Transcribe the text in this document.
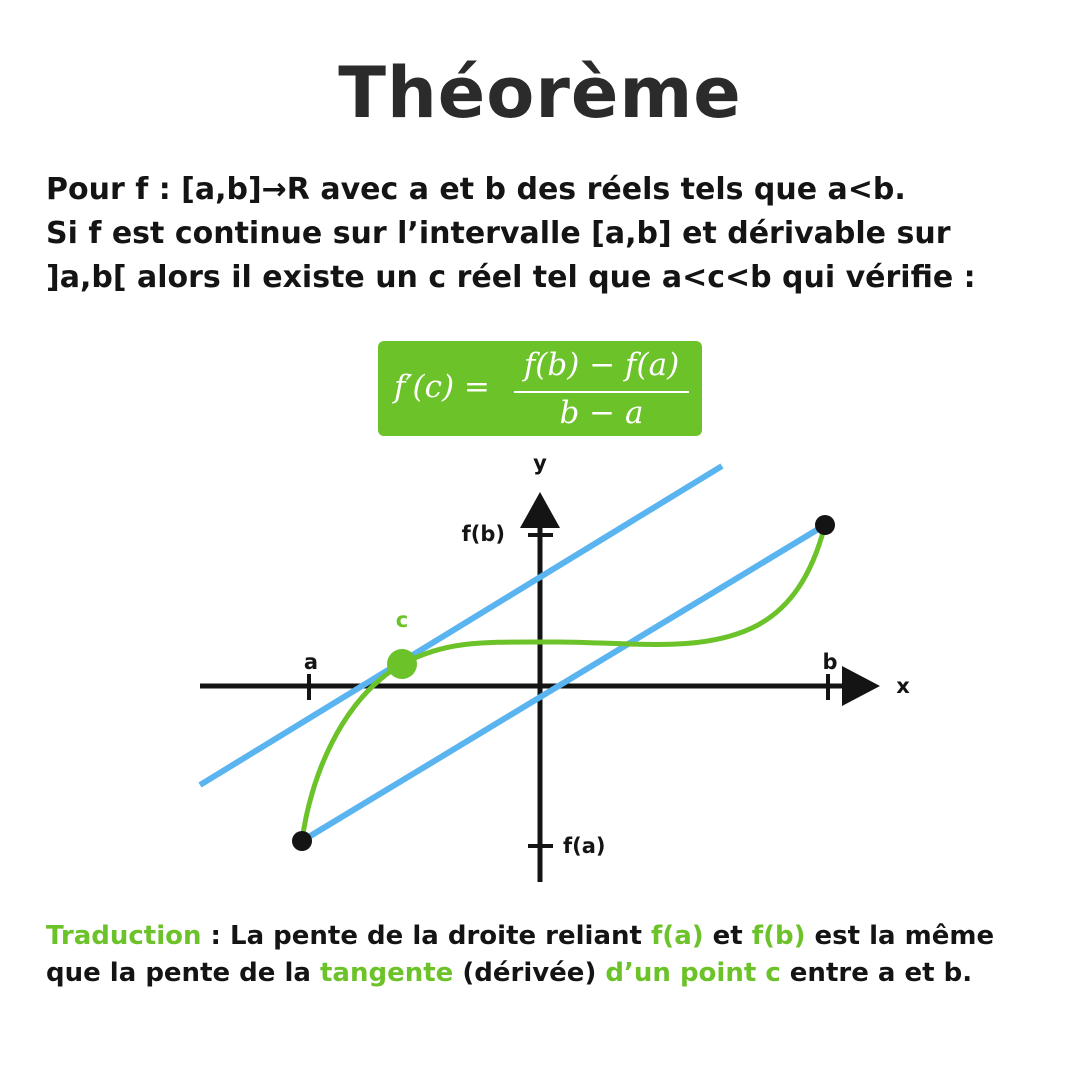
Théorème
Pour f : [a,b]→R avec a et b des réels tels que a<b.
Si f est continue sur l’intervalle [a,b] et dérivable sur
]a,b[ alors il existe un c réel tel que a<c<b qui vérifie :
f′(c) =
f(b) − f(a)
b − a
y
x
a	b
c
f(b)
f(a)
Traduction : La pente de la droite reliant f(a) et f(b) est la même
que la pente de la tangente (dérivée) d’un point c entre a et b.
